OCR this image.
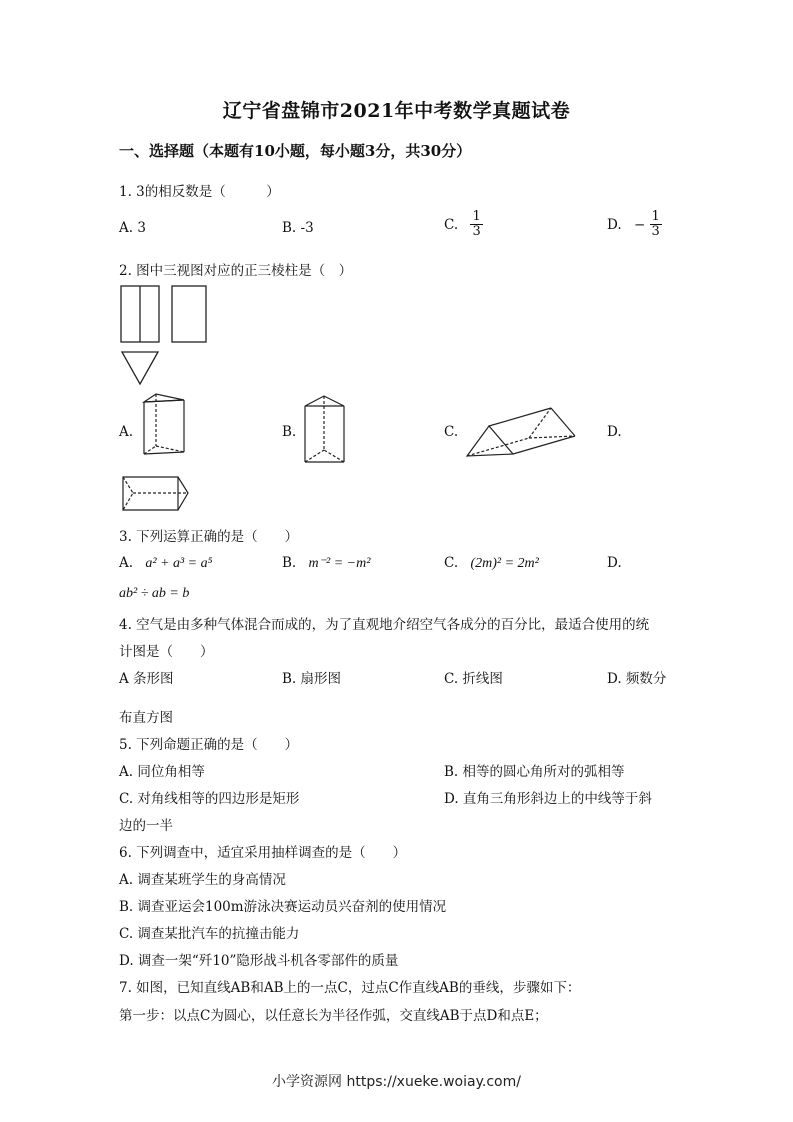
辽宁省盘锦市2021年中考数学真题试卷
一、选择题（本题有10小题，每小题3分，共30分）
1. 3的相反数是（　　　）
A. 3	B. -3	C. $\frac{1}{3}$	D. − $\frac{1}{3}$
2. 图中三视图对应的正三棱柱是（　）
A.	B.	C.	D.
3. 下列运算正确的是（　　）
A. a² + a³ = a⁵	B. m⁻² = −m²	C. (2m)² = 2m²	D.
ab² ÷ ab = b
4. 空气是由多种气体混合而成的，为了直观地介绍空气各成分的百分比，最适合使用的统
计图是（　　）
A 条形图	B. 扇形图	C. 折线图	D. 频数分
布直方图
5. 下列命题正确的是（　　）
A. 同位角相等	B. 相等的圆心角所对的弧相等
C. 对角线相等的四边形是矩形	D. 直角三角形斜边上的中线等于斜
边的一半
6. 下列调查中，适宜采用抽样调查的是（　　）
A. 调查某班学生的身高情况
B. 调查亚运会100m游泳决赛运动员兴奋剂的使用情况
C. 调查某批汽车的抗撞击能力
D. 调查一架“歼10”隐形战斗机各零部件的质量
7. 如图，已知直线AB和AB上的一点C，过点C作直线AB的垂线，步骤如下：
第一步：以点C为圆心，以任意长为半径作弧，交直线AB于点D和点E；
小学资源网 https://xueke.woiay.com/
